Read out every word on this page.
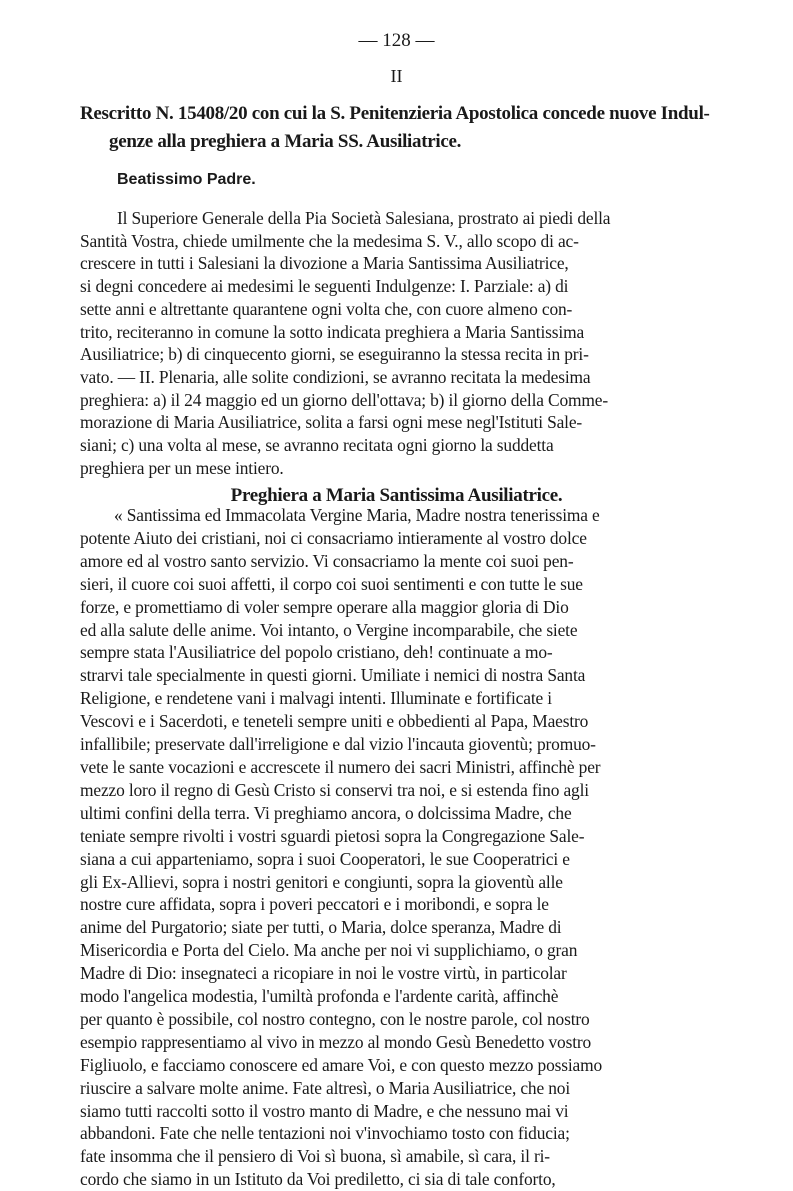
— 128 —
II
Rescritto N. 15408/20 con cui la S. Penitenzieria Apostolica concede nuove Indul-
genze alla preghiera a Maria SS. Ausiliatrice.
Beatissimo Padre.
Il Superiore Generale della Pia Società Salesiana, prostrato ai piedi della
Santità Vostra, chiede umilmente che la medesima S. V., allo scopo di ac-
crescere in tutti i Salesiani la divozione a Maria Santissima Ausiliatrice,
si degni concedere ai medesimi le seguenti Indulgenze: I. Parziale: a) di
sette anni e altrettante quarantene ogni volta che, con cuore almeno con-
trito, reciteranno in comune la sotto indicata preghiera a Maria Santissima
Ausiliatrice; b) di cinquecento giorni, se eseguiranno la stessa recita in pri-
vato. — II. Plenaria, alle solite condizioni, se avranno recitata la medesima
preghiera: a) il 24 maggio ed un giorno dell'ottava; b) il giorno della Comme-
morazione di Maria Ausiliatrice, solita a farsi ogni mese negl'Istituti Sale-
siani; c) una volta al mese, se avranno recitata ogni giorno la suddetta
preghiera per un mese intiero.
Preghiera a Maria Santissima Ausiliatrice.
« Santissima ed Immacolata Vergine Maria, Madre nostra tenerissima e
potente Aiuto dei cristiani, noi ci consacriamo intieramente al vostro dolce
amore ed al vostro santo servizio. Vi consacriamo la mente coi suoi pen-
sieri, il cuore coi suoi affetti, il corpo coi suoi sentimenti e con tutte le sue
forze, e promettiamo di voler sempre operare alla maggior gloria di Dio
ed alla salute delle anime. Voi intanto, o Vergine incomparabile, che siete
sempre stata l'Ausiliatrice del popolo cristiano, deh! continuate a mo-
strarvi tale specialmente in questi giorni. Umiliate i nemici di nostra Santa
Religione, e rendetene vani i malvagi intenti. Illuminate e fortificate i
Vescovi e i Sacerdoti, e teneteli sempre uniti e obbedienti al Papa, Maestro
infallibile; preservate dall'irreligione e dal vizio l'incauta gioventù; promuo-
vete le sante vocazioni e accrescete il numero dei sacri Ministri, affinchè per
mezzo loro il regno di Gesù Cristo si conservi tra noi, e si estenda fino agli
ultimi confini della terra. Vi preghiamo ancora, o dolcissima Madre, che
teniate sempre rivolti i vostri sguardi pietosi sopra la Congregazione Sale-
siana a cui apparteniamo, sopra i suoi Cooperatori, le sue Cooperatrici e
gli Ex-Allievi, sopra i nostri genitori e congiunti, sopra la gioventù alle
nostre cure affidata, sopra i poveri peccatori e i moribondi, e sopra le
anime del Purgatorio; siate per tutti, o Maria, dolce speranza, Madre di
Misericordia e Porta del Cielo. Ma anche per noi vi supplichiamo, o gran
Madre di Dio: insegnateci a ricopiare in noi le vostre virtù, in particolar
modo l'angelica modestia, l'umiltà profonda e l'ardente carità, affinchè
per quanto è possibile, col nostro contegno, con le nostre parole, col nostro
esempio rappresentiamo al vivo in mezzo al mondo Gesù Benedetto vostro
Figliuolo, e facciamo conoscere ed amare Voi, e con questo mezzo possiamo
riuscire a salvare molte anime. Fate altresì, o Maria Ausiliatrice, che noi
siamo tutti raccolti sotto il vostro manto di Madre, e che nessuno mai vi
abbandoni. Fate che nelle tentazioni noi v'invochiamo tosto con fiducia;
fate insomma che il pensiero di Voi sì buona, sì amabile, sì cara, il ri-
cordo che siamo in un Istituto da Voi prediletto, ci sia di tale conforto,
